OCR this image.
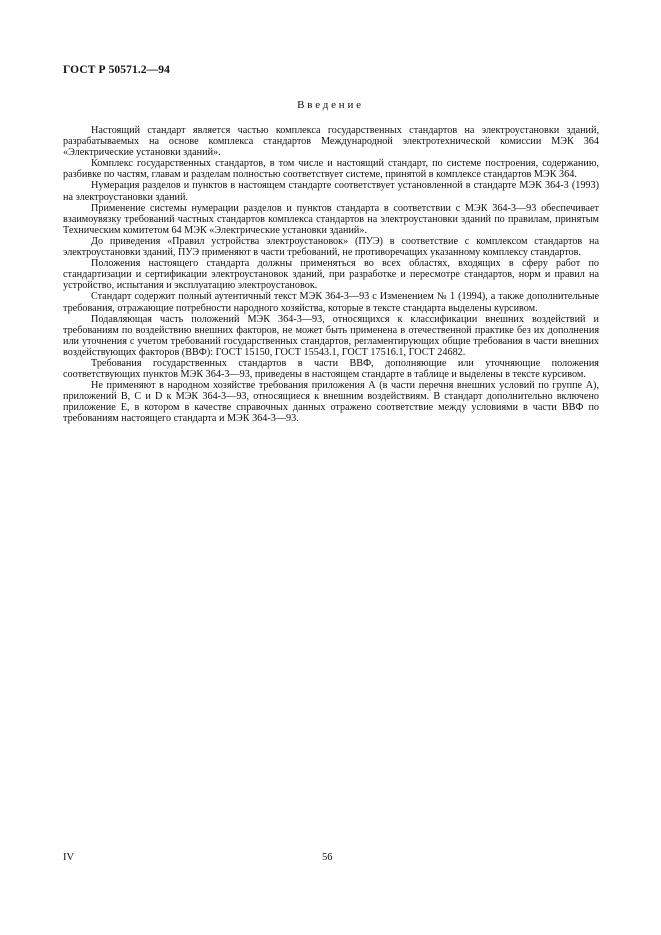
ГОСТ Р 50571.2—94
Введение

Настоящий стандарт является частью комплекса государственных стандартов на электроустановки зданий, разрабатываемых на основе комплекса стандартов Международной электротехнической комиссии МЭК 364 «Электрические установки зданий».

Комплекс государственных стандартов, в том числе и настоящий стандарт, по системе построения, содержанию, разбивке по частям, главам и разделам полностью соответствует системе, принятой в комплексе стандартов МЭК 364.

Нумерация разделов и пунктов в настоящем стандарте соответствует установленной в стандарте МЭК 364-3 (1993) на электроустановки зданий.

Применение системы нумерации разделов и пунктов стандарта в соответствии с МЭК 364-3—93 обеспечивает взаимоувязку требований частных стандартов комплекса стандартов на электроустановки зданий по правилам, принятым Техническим комитетом 64 МЭК «Электрические установки зданий».

До приведения «Правил устройства электроустановок» (ПУЭ) в соответствие с комплексом стандартов на электроустановки зданий, ПУЭ применяют в части требований, не противоречащих указанному комплексу стандартов.

Положения настоящего стандарта должны применяться во всех областях, входящих в сферу работ по стандартизации и сертификации электроустановок зданий, при разработке и пересмотре стандартов, норм и правил на устройство, испытания и эксплуатацию электроустановок.

Стандарт содержит полный аутентичный текст МЭК 364-3—93 с Изменением № 1 (1994), а также дополнительные требования, отражающие потребности народного хозяйства, которые в тексте стандарта выделены курсивом.

Подавляющая часть положений МЭК 364-3—93, относящихся к классификации внешних воздействий и требованиям по воздействию внешних факторов, не может быть применена в отечественной практике без их дополнения или уточнения с учетом требований государственных стандартов, регламентирующих общие требования в части внешних воздействующих факторов (ВВФ): ГОСТ 15150, ГОСТ 15543.1, ГОСТ 17516.1, ГОСТ 24682.

Требования государственных стандартов в части ВВФ, дополняющие или уточняющие положения соответствующих пунктов МЭК 364-3—93, приведены в настоящем стандарте в таблице и выделены в тексте курсивом.

Не применяют в народном хозяйстве требования приложения А (в части перечня внешних условий по группе А), приложений В, С и D к МЭК 364-3—93, относящиеся к внешним воздействиям. В стандарт дополнительно включено приложение Е, в котором в качестве справочных данных отражено соответствие между условиями в части ВВФ по требованиям настоящего стандарта и МЭК 364-3—93.

IV	56
